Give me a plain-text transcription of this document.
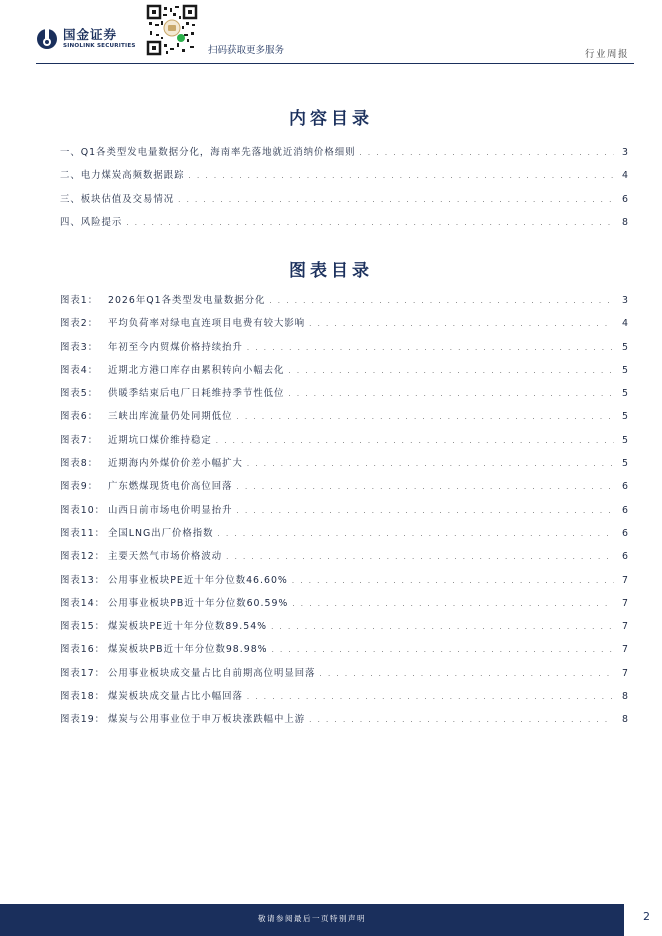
国金证券
SINOLINK SECURITIES	扫码获取更多服务	行业周报
内容目录
一、Q1各类型发电量数据分化，海南率先落地就近消纳价格细则 . . .	3
二、电力煤炭高频数据跟踪 . . .	4
三、板块估值及交易情况 . . .	6
四、风险提示 . . .	8
图表目录
图表1： 2026年Q1各类型发电量数据分化 . . .	3
图表2： 平均负荷率对绿电直连项目电费有较大影响 . . .	4
图表3： 年初至今内贸煤价格持续抬升 . . .	5
图表4： 近期北方港口库存由累积转向小幅去化 . . .	5
图表5： 供暖季结束后电厂日耗维持季节性低位 . . .	5
图表6： 三峡出库流量仍处同期低位 . . .	5
图表7： 近期坑口煤价维持稳定 . . .	5
图表8： 近期海内外煤价价差小幅扩大 . . .	5
图表9： 广东燃煤现货电价高位回落 . . .	6
图表10： 山西日前市场电价明显抬升 . . .	6
图表11： 全国LNG出厂价格指数 . . .	6
图表12： 主要天然气市场价格波动 . . .	6
图表13： 公用事业板块PE近十年分位数46.60% . . .	7
图表14： 公用事业板块PB近十年分位数60.59% . . .	7
图表15： 煤炭板块PE近十年分位数89.54% . . .	7
图表16： 煤炭板块PB近十年分位数98.98% . . .	7
图表17： 公用事业板块成交量占比自前期高位明显回落 . . .	7
图表18： 煤炭板块成交量占比小幅回落 . . .	8
图表19： 煤炭与公用事业位于申万板块涨跌幅中上游 . . .	8
敬请参阅最后一页特别声明	2
